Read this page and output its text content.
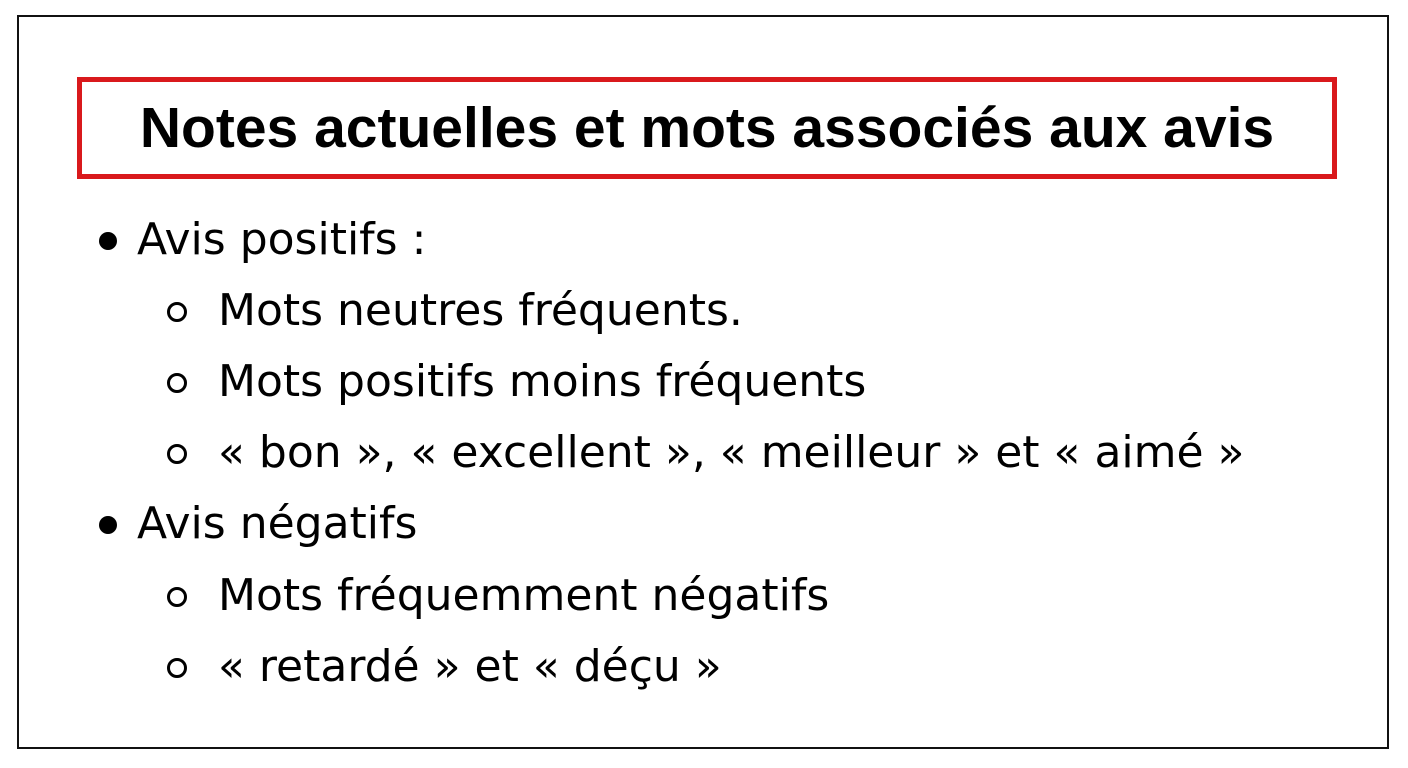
Notes actuelles et mots associés aux avis
Avis positifs :
Mots neutres fréquents.
Mots positifs moins fréquents
« bon », « excellent », « meilleur » et « aimé »
Avis négatifs
Mots fréquemment négatifs
« retardé » et « déçu »
